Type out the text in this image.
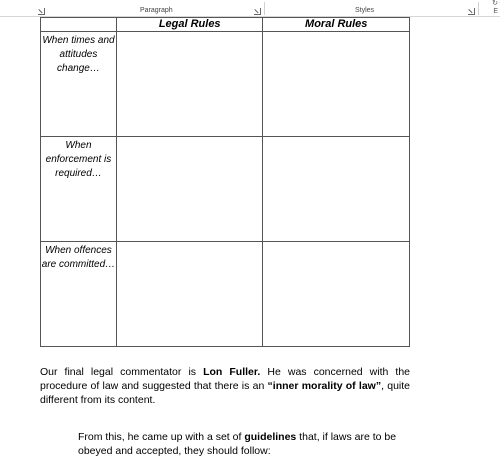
Paragraph	Styles
↻
E
	Legal Rules	Moral Rules

When times and attitudes change…		

When enforcement is required…		

When offences are committed…		

Our final legal commentator is Lon Fuller. He was concerned with the procedure of law and suggested that there is an “inner morality of law”, quite different from its content.

From this, he came up with a set of guidelines that, if laws are to be obeyed and accepted, they should follow:
